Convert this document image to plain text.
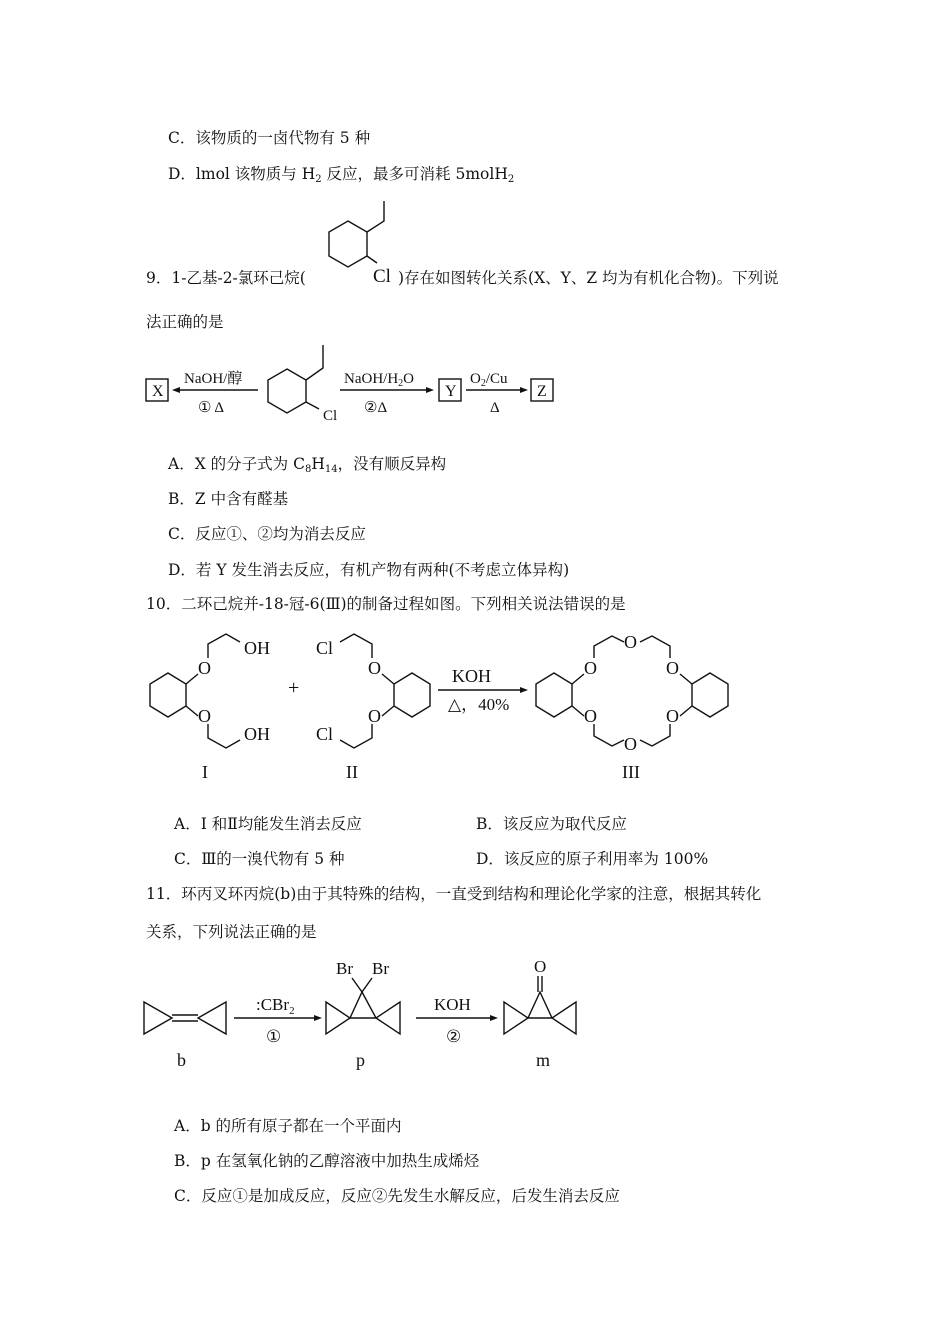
C．该物质的一卤代物有 5 种
D．lmol 该物质与 $H_2$ 反应，最多可消耗 5molH$_2$
9．1-乙基-2-氯环己烷(	Cl )存在如图转化关系(X、Y、Z 均为有机化合物)。下列说
法正确的是
X
NaOH/醇
① Δ	Cl
NaOH/$H_2O$
②Δ
Y
$O_2/Cu$
Δ
Z
A．X 的分子式为 $C_8H_{14}$，没有顺反异构
B．Z 中含有醛基
C．反应①、②均为消去反应
D．若 Y 发生消去反应，有机产物有两种(不考虑立体异构)
10．二环己烷并-18-冠-6(Ⅲ)的制备过程如图。下列相关说法错误的是
O
O
OH
OH
I
+
Cl
Cl
O
O
II
KOH
△，40%
O
O
O
O
O
O
III
A．I 和Ⅱ均能发生消去反应	B．该反应为取代反应
C．Ⅲ的一溴代物有 5 种	D．该反应的原子利用率为 100%
11．环丙叉环丙烷(b)由于其特殊的结构，一直受到结构和理论化学家的注意，根据其转化
关系，下列说法正确的是
b
:CBr$_2$
①
Br Br
p
KOH
②
O
m
A．b 的所有原子都在一个平面内
B．p 在氢氧化钠的乙醇溶液中加热生成烯烃
C．反应①是加成反应，反应②先发生水解反应，后发生消去反应
